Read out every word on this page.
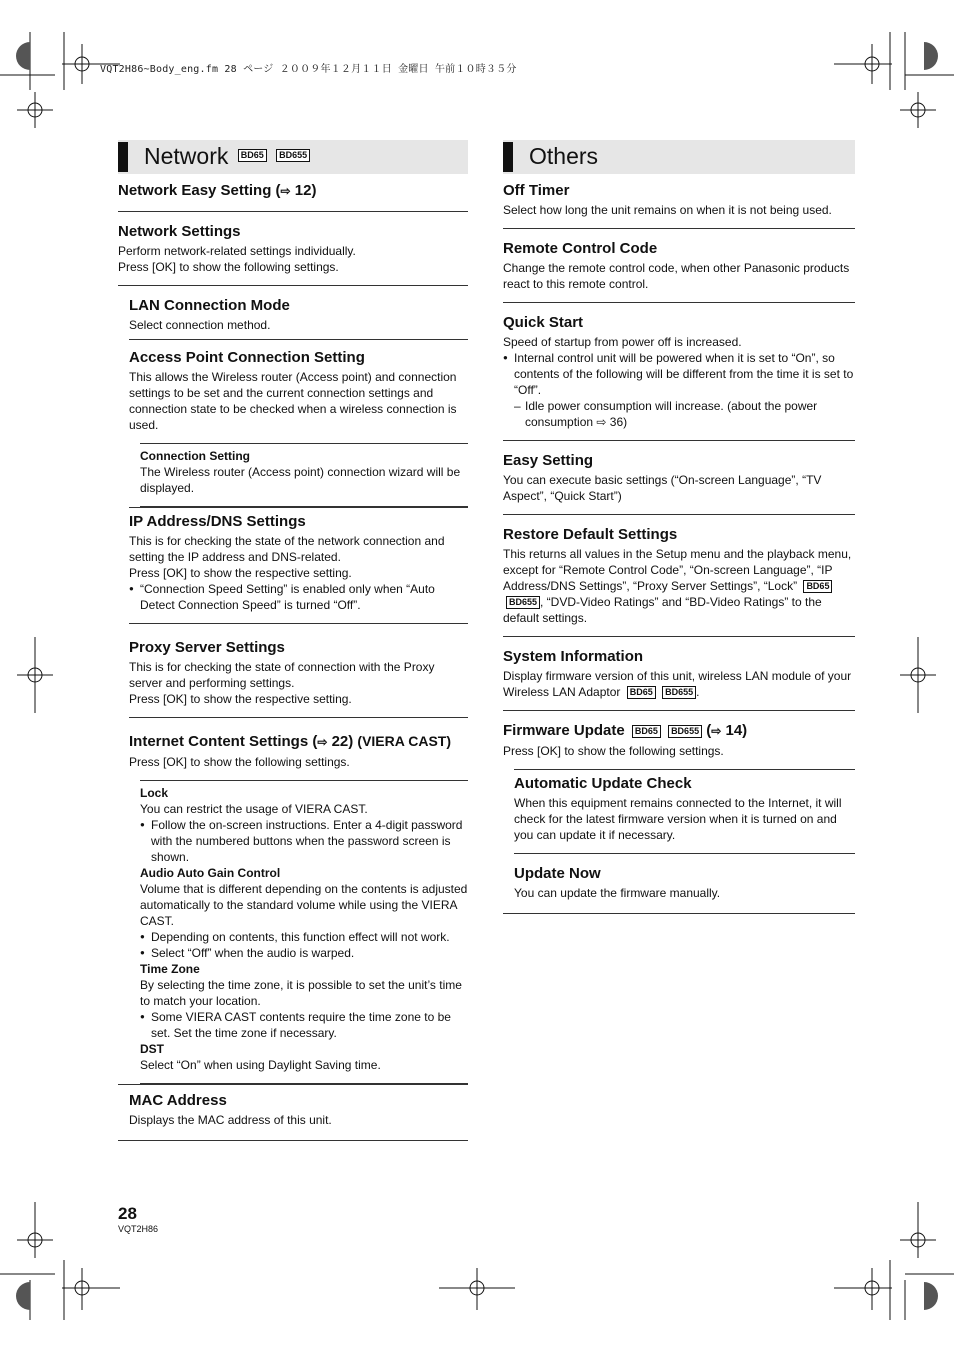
VQT2H86~Body_eng.fm 28 ページ ２００９年１２月１１日 金曜日 午前１０時３５分
Network BD65 BD655
Network Easy Setting (⇨ 12)
Network Settings

Perform network-related settings individually.

Press [OK] to show the following settings.

LAN Connection Mode

Select connection method.

Access Point Connection Setting

This allows the Wireless router (Access point) and connection settings to be set and the current connection settings and connection state to be checked when a wireless connection is used.

Connection Setting

The Wireless router (Access point) connection wizard will be displayed.

IP Address/DNS Settings

This is for checking the state of the network connection and setting the IP address and DNS-related.

Press [OK] to show the respective setting.

● “Connection Speed Setting” is enabled only when “Auto Detect Connection Speed” is turned “Off”.
Proxy Server Settings

This is for checking the state of connection with the Proxy server and performing settings.

Press [OK] to show the respective setting.

Internet Content Settings (⇨ 22) (VIERA CAST)

Press [OK] to show the following settings.

Lock

You can restrict the usage of VIERA CAST.

● Follow the on-screen instructions. Enter a 4-digit password with the numbered buttons when the password screen is shown.
Audio Auto Gain Control

Volume that is different depending on the contents is adjusted automatically to the standard volume while using the VIERA CAST.

● Depending on contents, this function effect will not work.
● Select “Off” when the audio is warped.
Time Zone

By selecting the time zone, it is possible to set the unit’s time to match your location.

● Some VIERA CAST contents require the time zone to be set. Set the time zone if necessary.
DST

Select “On” when using Daylight Saving time.

MAC Address

Displays the MAC address of this unit.

Others
Off Timer

Select how long the unit remains on when it is not being used.

Remote Control Code

Change the remote control code, when other Panasonic products react to this remote control.

Quick Start

Speed of startup from power off is increased.

● Internal control unit will be powered when it is set to “On”, so contents of the following will be different from the time it is set to “Off”.
– Idle power consumption will increase. (about the power consumption ⇨ 36)
Easy Setting

You can execute basic settings (“On-screen Language”, “TV Aspect”, “Quick Start”)

Restore Default Settings

This returns all values in the Setup menu and the playback menu, except for “Remote Control Code”, “On-screen Language”, “IP Address/DNS Settings”, “Proxy Server Settings”, “Lock” BD65 BD655 , “DVD-Video Ratings” and “BD-Video Ratings” to the default settings.

System Information

Display firmware version of this unit, wireless LAN module of your Wireless LAN Adaptor BD65 BD655 .

Firmware Update BD65 BD655 (⇨ 14)

Press [OK] to show the following settings.

Automatic Update Check

When this equipment remains connected to the Internet, it will check for the latest firmware version when it is turned on and you can update it if necessary.

Update Now

You can update the firmware manually.

28
VQT2H86
